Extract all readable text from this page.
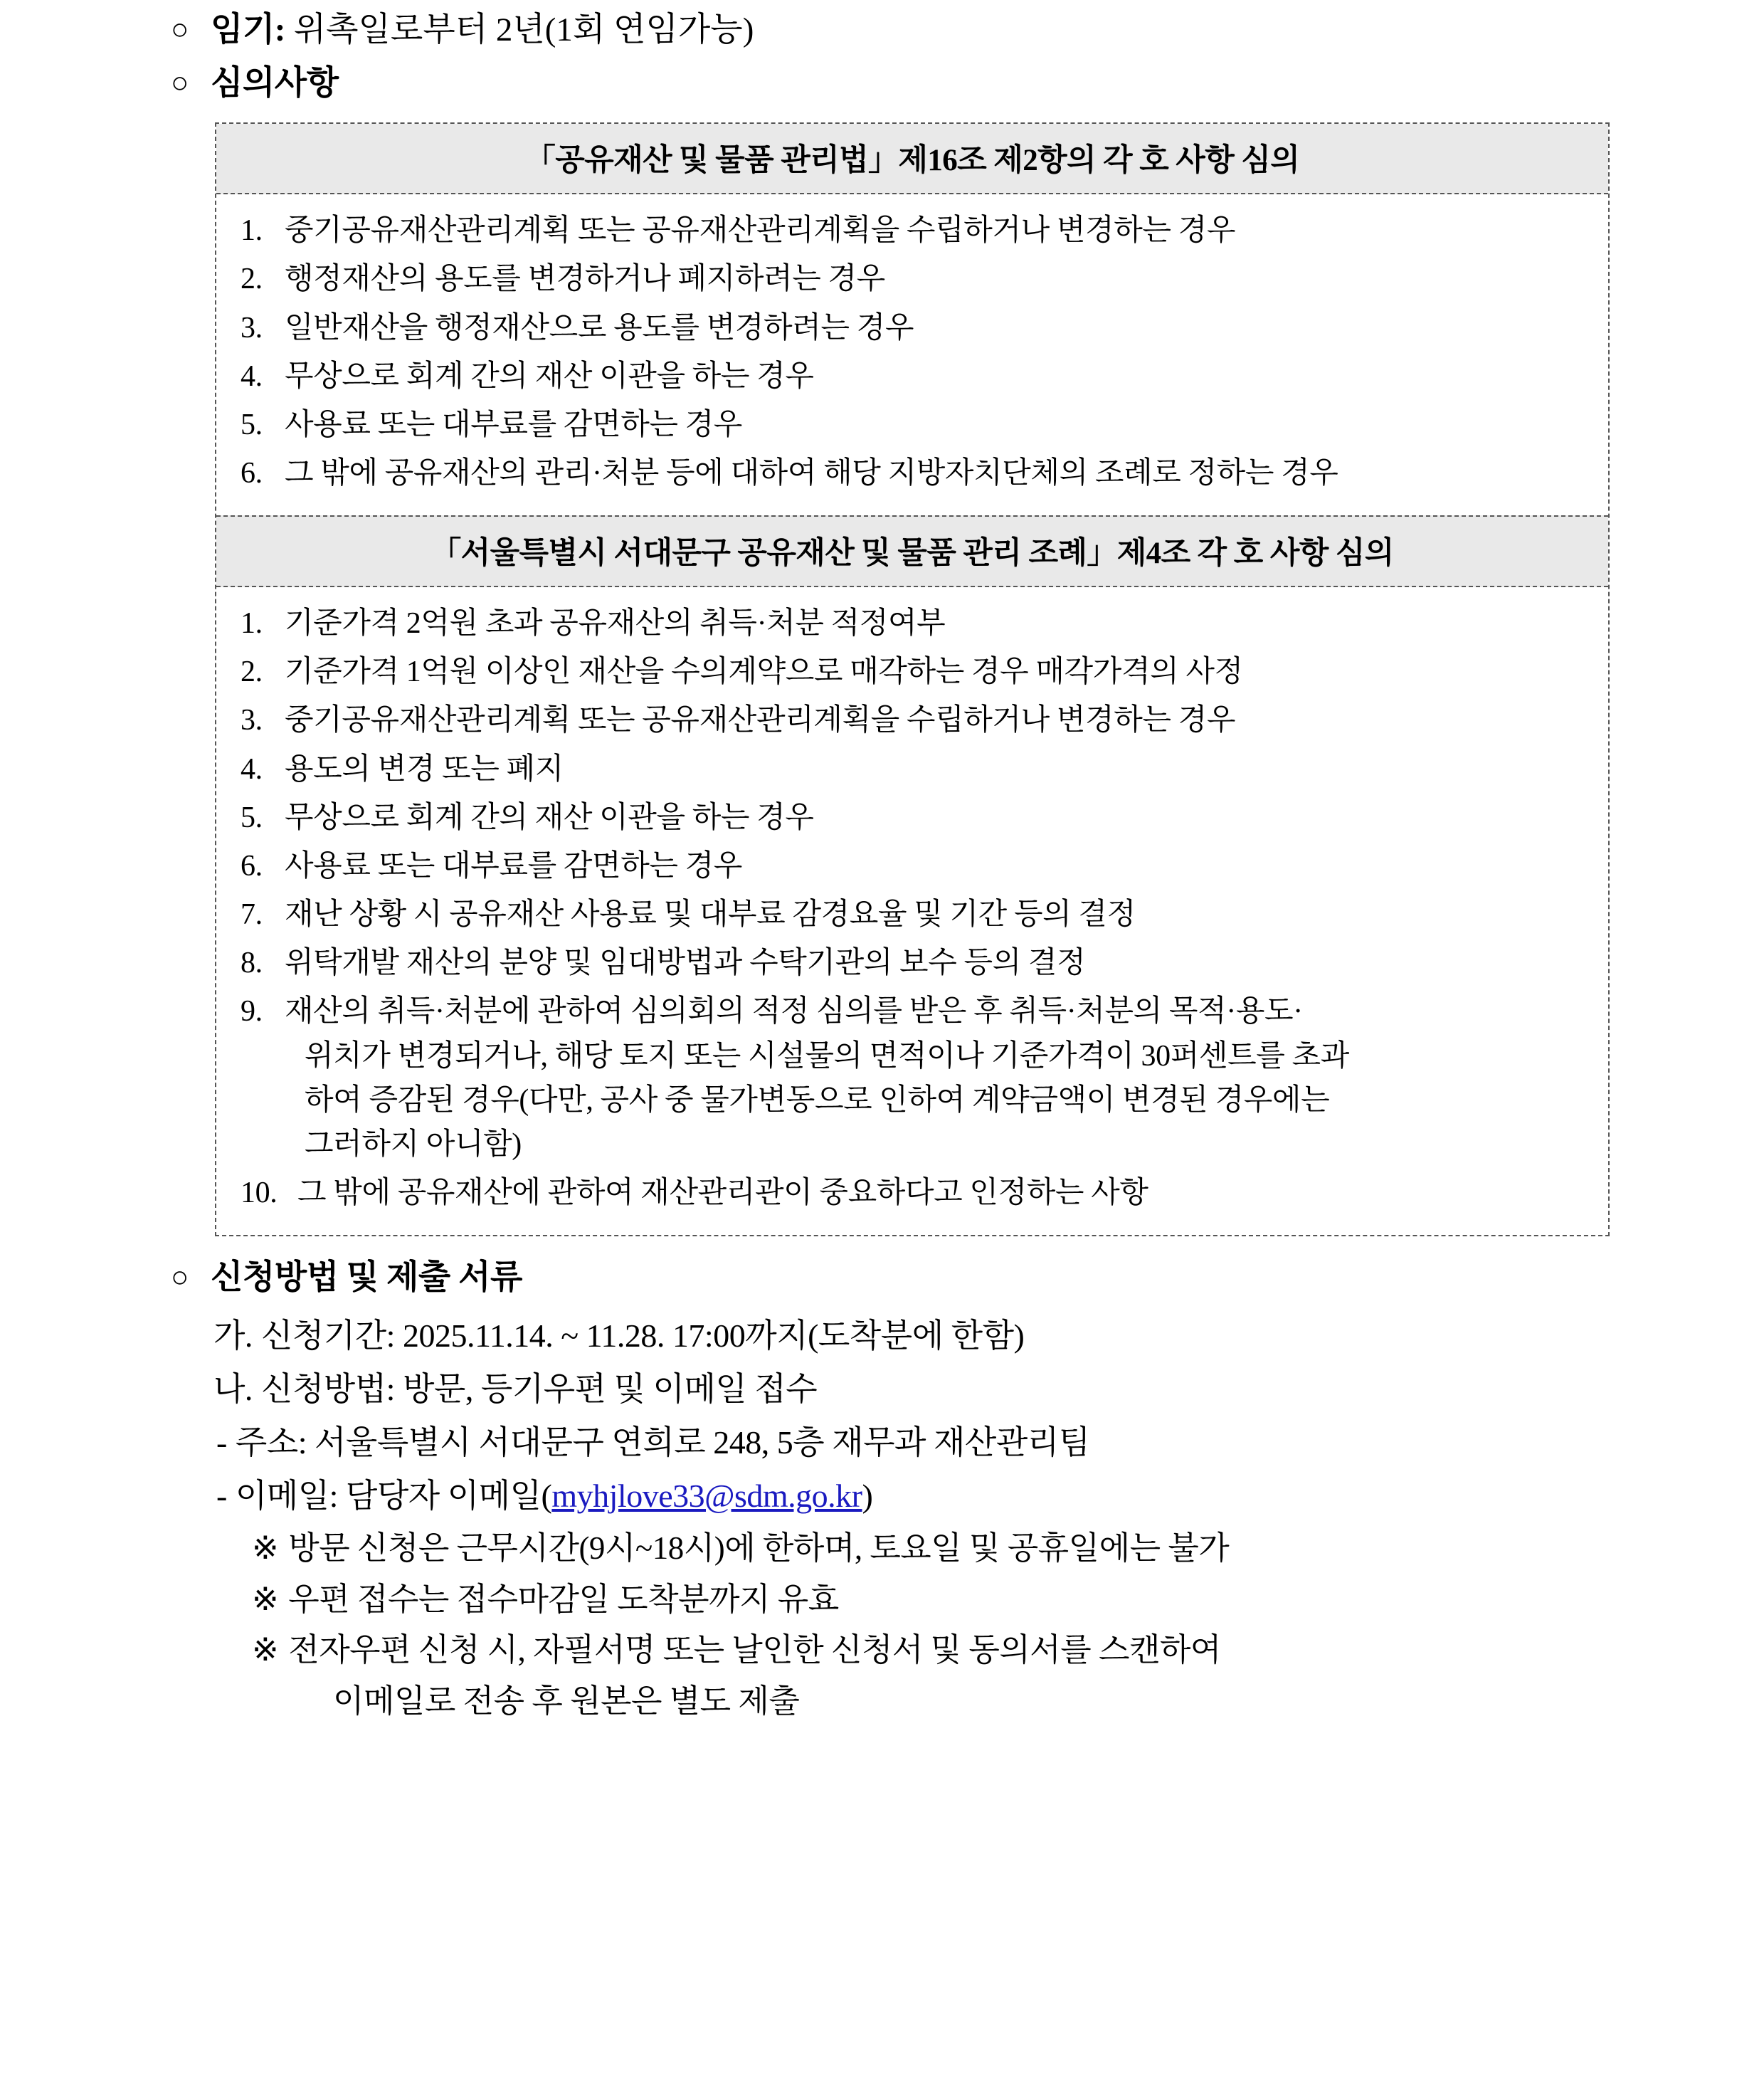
○ 임기: 위촉일로부터 2년(1회 연임가능)
○ 심의사항
「공유재산 및 물품 관리법」제16조 제2항의 각 호 사항 심의
1. 중기공유재산관리계획 또는 공유재산관리계획을 수립하거나 변경하는 경우
2. 행정재산의 용도를 변경하거나 폐지하려는 경우
3. 일반재산을 행정재산으로 용도를 변경하려는 경우
4. 무상으로 회계 간의 재산 이관을 하는 경우
5. 사용료 또는 대부료를 감면하는 경우
6. 그 밖에 공유재산의 관리·처분 등에 대하여 해당 지방자치단체의 조례로 정하는 경우
「서울특별시 서대문구 공유재산 및 물품 관리 조례」제4조 각 호 사항 심의
1. 기준가격 2억원 초과 공유재산의 취득·처분 적정여부
2. 기준가격 1억원 이상인 재산을 수의계약으로 매각하는 경우 매각가격의 사정
3. 중기공유재산관리계획 또는 공유재산관리계획을 수립하거나 변경하는 경우
4. 용도의 변경 또는 폐지
5. 무상으로 회계 간의 재산 이관을 하는 경우
6. 사용료 또는 대부료를 감면하는 경우
7. 재난 상황 시 공유재산 사용료 및 대부료 감경요율 및 기간 등의 결정
8. 위탁개발 재산의 분양 및 임대방법과 수탁기관의 보수 등의 결정
9. 재산의 취득·처분에 관하여 심의회의 적정 심의를 받은 후 취득·처분의 목적·용도·
위치가 변경되거나, 해당 토지 또는 시설물의 면적이나 기준가격이 30퍼센트를 초과
하여 증감된 경우(다만, 공사 중 물가변동으로 인하여 계약금액이 변경된 경우에는
그러하지 아니함)
10. 그 밖에 공유재산에 관하여 재산관리관이 중요하다고 인정하는 사항
○ 신청방법 및 제출 서류
가. 신청기간: 2025.11.14. ~ 11.28. 17:00까지(도착분에 한함)
나. 신청방법: 방문, 등기우편 및 이메일 접수
- 주소: 서울특별시 서대문구 연희로 248, 5층 재무과 재산관리팀
- 이메일: 담당자 이메일(myhjlove33@sdm.go.kr)
※ 방문 신청은 근무시간(9시~18시)에 한하며, 토요일 및 공휴일에는 불가
※ 우편 접수는 접수마감일 도착분까지 유효
※ 전자우편 신청 시, 자필서명 또는 날인한 신청서 및 동의서를 스캔하여
이메일로 전송 후 원본은 별도 제출
